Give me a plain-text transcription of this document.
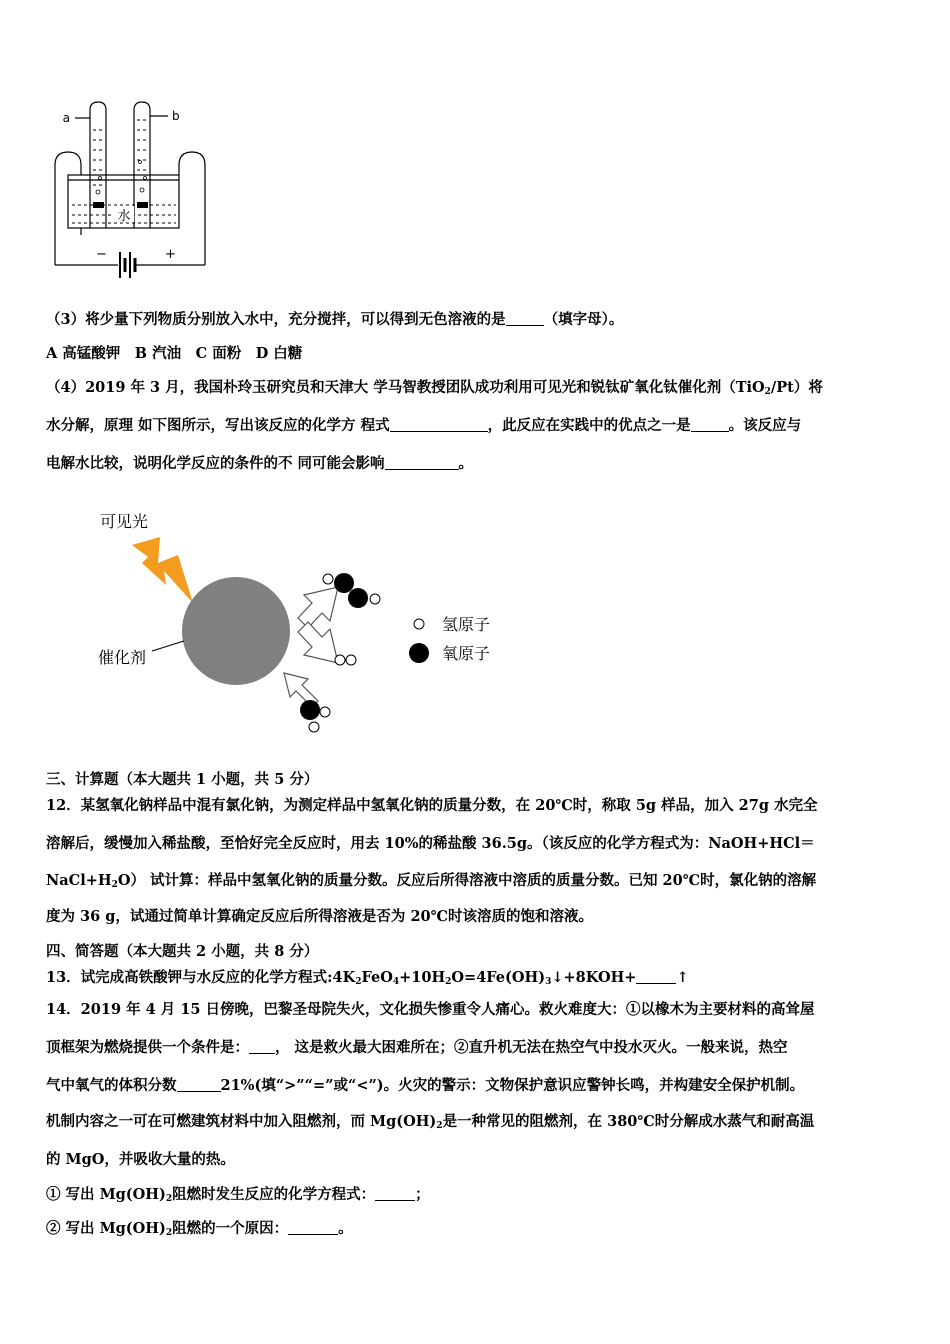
水
a	b
−	+
（3）将少量下列物质分别放入水中，充分搅拌，可以得到无色溶液的是	（填字母）。
A 高锰酸钾　B 汽油　C 面粉　D 白糖
（4）2019 年 3 月，我国朴玲玉研究员和天津大 学马智教授团队成功利用可见光和锐钛矿氧化钛催化剂（TiO$_2$/Pt）将
水分解，原理 如下图所示，写出该反应的化学方 程式	，此反应在实践中的优点之一是	。该反应与
电解水比较，说明化学反应的条件的不 同可能会影响	。
可见光
催化剂
氢原子
氧原子
三、计算题（本大题共 1 小题，共 5 分）
12．某氢氧化钠样品中混有氯化钠，为测定样品中氢氧化钠的质量分数，在 20℃时，称取 5g 样品，加入 27g 水完全
溶解后，缓慢加入稀盐酸，至恰好完全反应时，用去 10%的稀盐酸 36.5g。（该反应的化学方程式为：NaOH+HCl＝
$NaCl+H_2O$） 试计算：样品中氢氧化钠的质量分数。反应后所得溶液中溶质的质量分数。已知 20℃时，氯化钠的溶解
度为 36 g，试通过简单计算确定反应后所得溶液是否为 20℃时该溶质的饱和溶液。
四、简答题（本大题共 2 小题，共 8 分）
13．试完成高铁酸钾与水反应的化学方程式$:4K_2FeO_4+10H_2O=4Fe(OH)_3↓+8KOH+$	↑
14．2019 年 4 月 15 日傍晚，巴黎圣母院失火，文化损失惨重令人痛心。救火难度大：①以橡木为主要材料的高耸屋
顶框架为燃烧提供一个条件是： ， 这是救火最大困难所在；②直升机无法在热空气中投水灭火。一般来说，热空
气中氧气的体积分数	21%(填“>”“=”或“<”)。火灾的警示：文物保护意识应警钟长鸣，并构建安全保护机制。
机制内容之一可在可燃建筑材料中加入阻燃剂，而 $Mg(OH)_2$是一种常见的阻燃剂，在 380℃时分解成水蒸气和耐高温
的 MgO，并吸收大量的热。
① 写出 $Mg(OH)_2$阻燃时发生反应的化学方程式：	；
② 写出 $Mg(OH)_2$阻燃的一个原因：	。
